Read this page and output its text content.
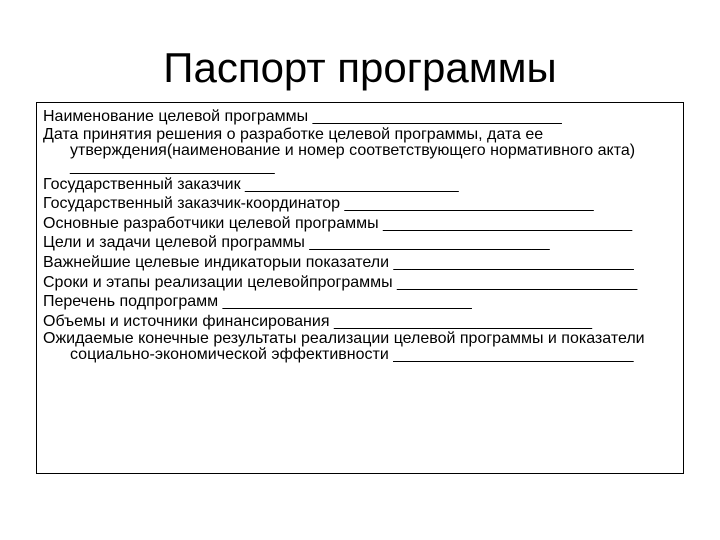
Паспорт программы

Наименование целевой программы ____________________________

Дата принятия решения о разработке целевой программы, дата ее утверждения(наименование и номер соответствующего нормативного акта) _______________________

Государственный заказчик ________________________

Государственный заказчик-координатор ____________________________

Основные разработчики целевой программы ____________________________

Цели и задачи целевой программы ___________________________

Важнейшие целевые индикаторыи показатели ___________________________

Сроки и этапы реализации целевойпрограммы ___________________________

Перечень подпрограмм ____________________________

Объемы и источники финансирования _____________________________

Ожидаемые конечные результаты реализации целевой программы и показатели социально-экономической эффективности ___________________________
